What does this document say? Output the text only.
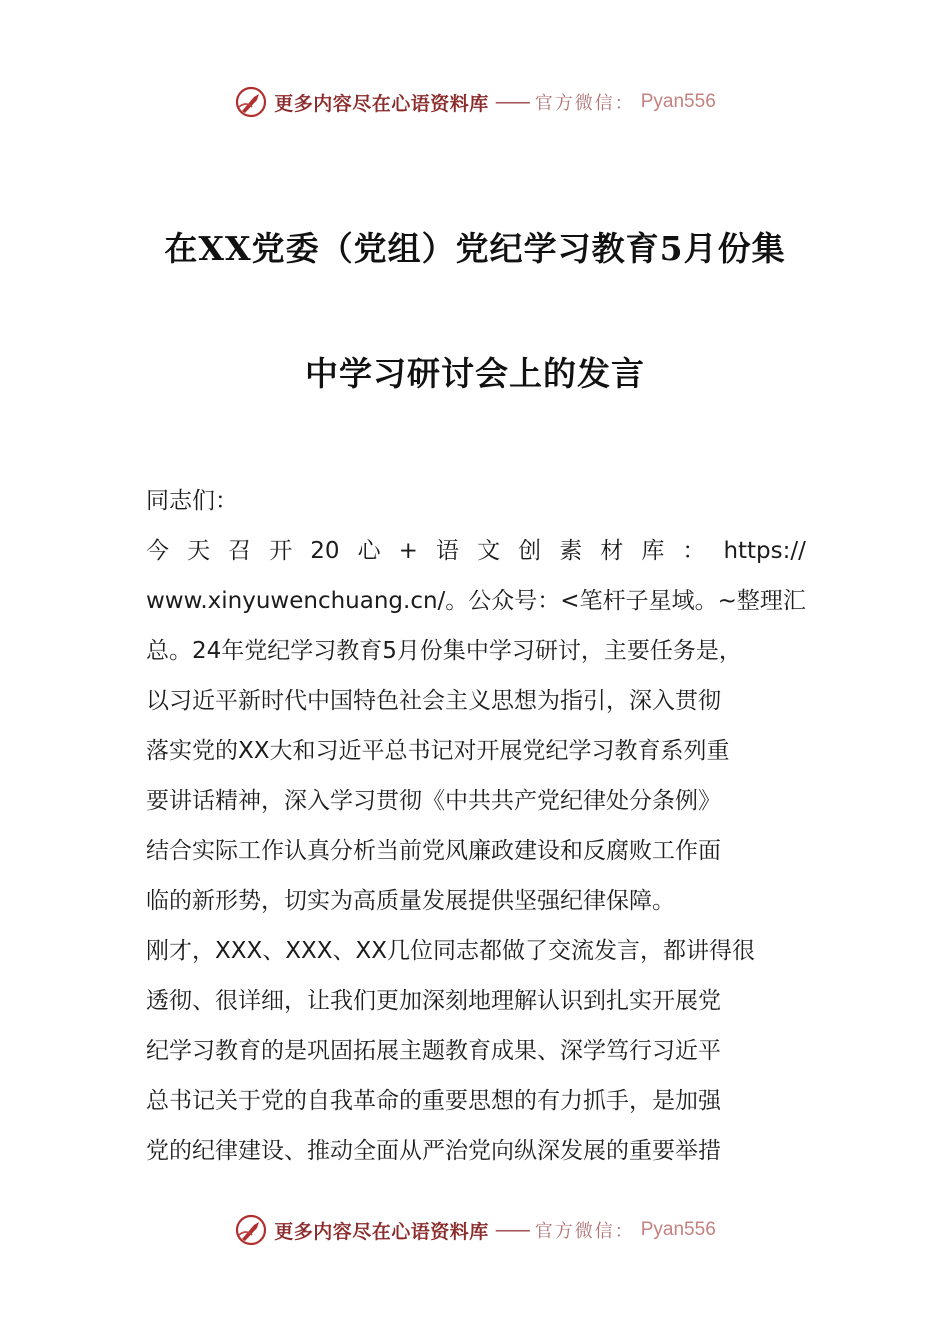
更多内容尽在心语资料库 —— 官方微信： Pyan556
在XX党委（党组）党纪学习教育5月份集
中学习研讨会上的发言
同志们：
今 天 召 开 20 心 + 语 文 创 素 材 库 ： https://
www.xinyuwenchuang.cn/。公众号：<笔杆子星域。~整理汇
总。24年党纪学习教育5月份集中学习研讨，主要任务是，
以习近平新时代中国特色社会主义思想为指引，深入贯彻
落实党的XX大和习近平总书记对开展党纪学习教育系列重
要讲话精神，深入学习贯彻《中共共产党纪律处分条例》
结合实际工作认真分析当前党风廉政建设和反腐败工作面
临的新形势，切实为高质量发展提供坚强纪律保障。
刚才，XXX、XXX、XX几位同志都做了交流发言，都讲得很
透彻、很详细，让我们更加深刻地理解认识到扎实开展党
纪学习教育的是巩固拓展主题教育成果、深学笃行习近平
总书记关于党的自我革命的重要思想的有力抓手，是加强
党的纪律建设、推动全面从严治党向纵深发展的重要举措
更多内容尽在心语资料库 —— 官方微信： Pyan556
